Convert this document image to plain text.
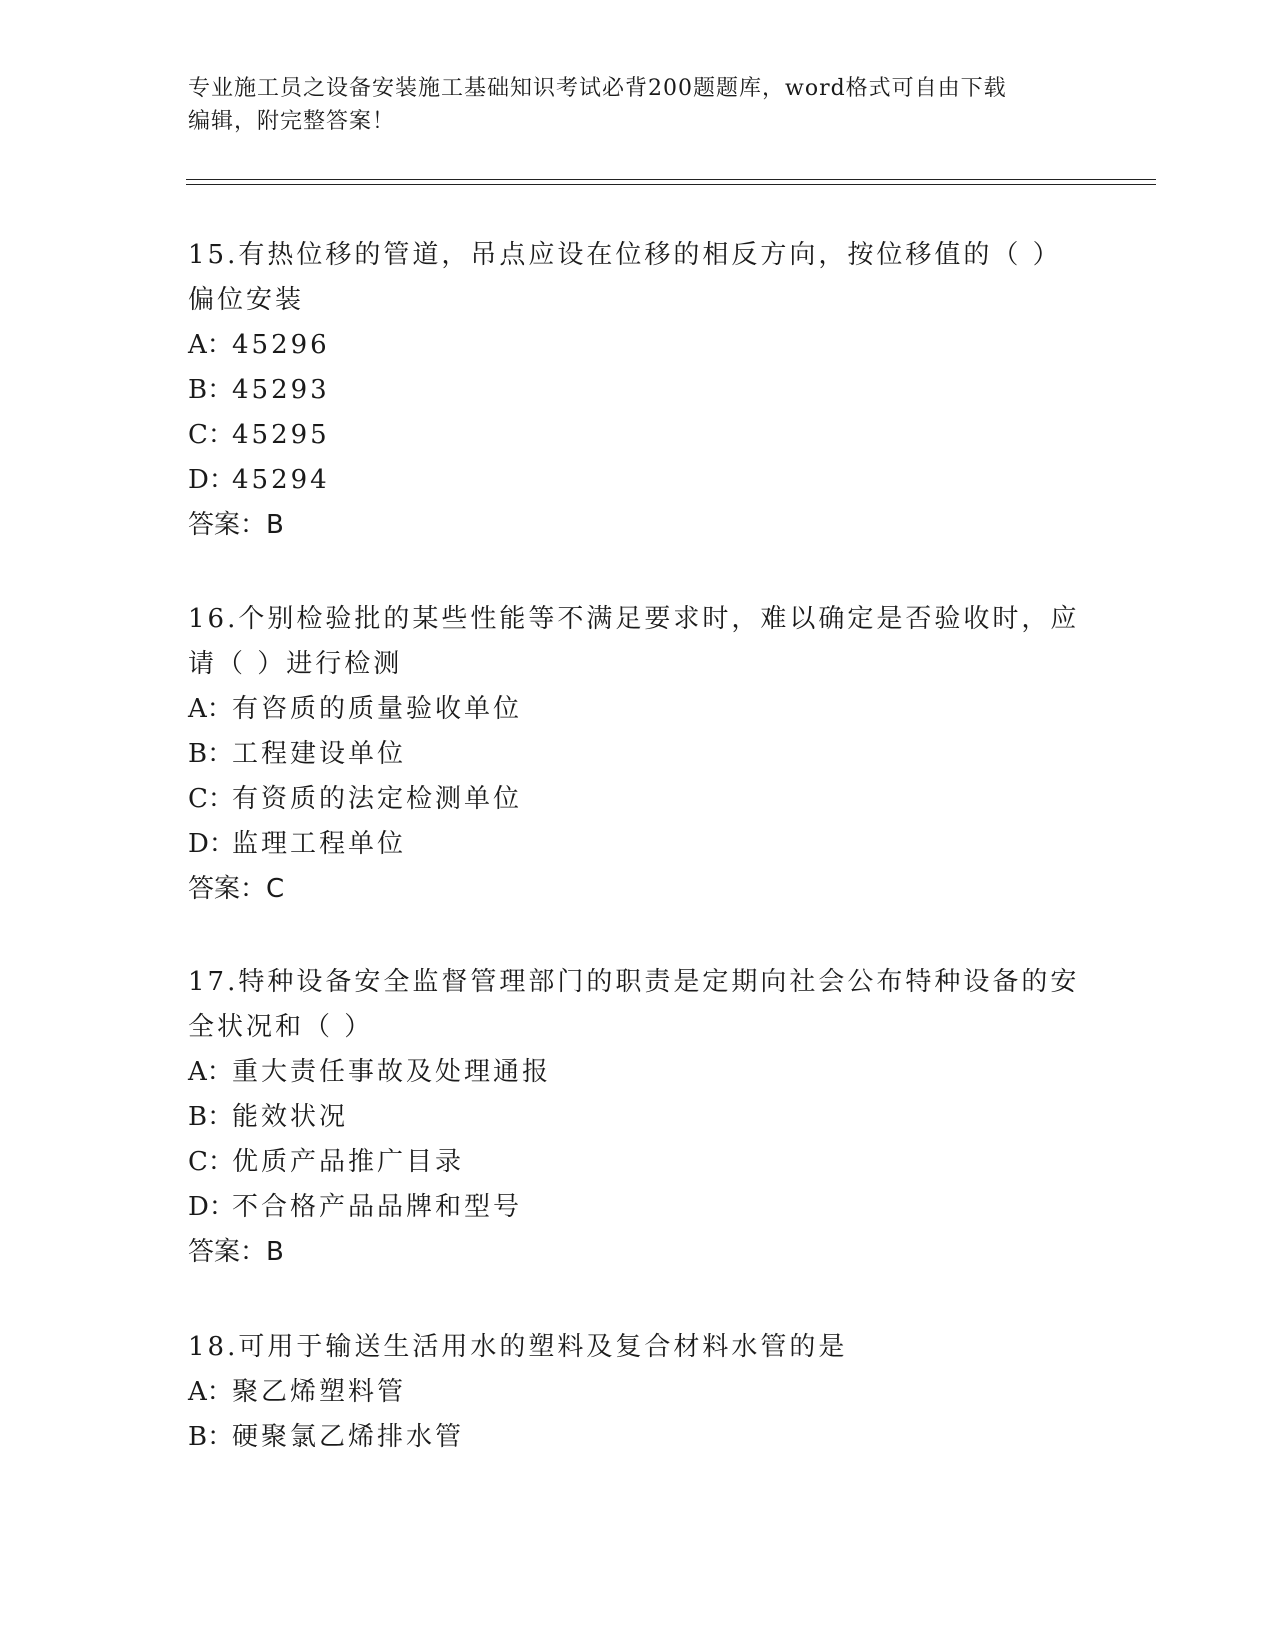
专业施工员之设备安装施工基础知识考试必背200题题库，word格式可自由下载
编辑，附完整答案！

15.有热位移的管道，吊点应设在位移的相反方向，按位移值的（ ）

偏位安装

A：45296

B：45293

C：45295

D：45294

答案：B

16.个别检验批的某些性能等不满足要求时，难以确定是否验收时，应

请（ ）进行检测

A：有咨质的质量验收单位

B：工程建设单位

C：有资质的法定检测单位

D：监理工程单位

答案：C

17.特种设备安全监督管理部门的职责是定期向社会公布特种设备的安

全状况和（ ）

A：重大责任事故及处理通报

B：能效状况

C：优质产品推广目录

D：不合格产品品牌和型号

答案：B

18.可用于输送生活用水的塑料及复合材料水管的是

A：聚乙烯塑料管

B：硬聚氯乙烯排水管
